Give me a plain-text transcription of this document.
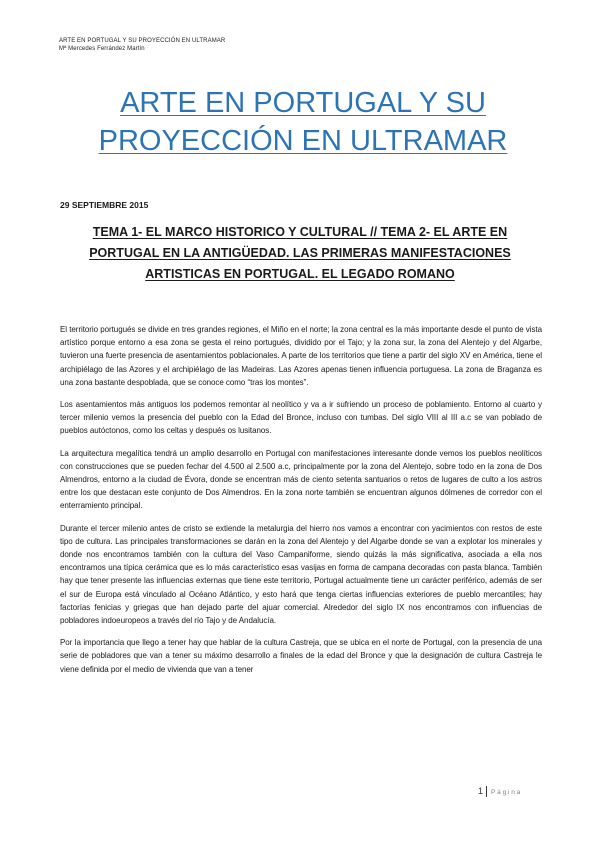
ARTE EN PORTUGAL Y SU PROYECCIÓN EN ULTRAMAR
Mª Mercedes Ferrández Martín
ARTE EN PORTUGAL Y SU PROYECCIÓN EN ULTRAMAR
29 SEPTIEMBRE 2015
TEMA 1- EL MARCO HISTORICO Y CULTURAL // TEMA 2- EL ARTE EN PORTUGAL EN LA ANTIGÜEDAD. LAS PRIMERAS MANIFESTACIONES ARTISTICAS EN PORTUGAL. EL LEGADO ROMANO

El territorio portugués se divide en tres grandes regiones, el Miño en el norte; la zona central es la más importante desde el punto de vista artístico porque entorno a esa zona se gesta el reino portugués, dividido por el Tajo; y la zona sur, la zona del Alentejo y del Algarbe, tuvieron una fuerte presencia de asentamientos poblacionales. A parte de los territorios que tiene a partir del siglo XV en América, tiene el archipiélago de las Azores y el archipiélago de las Madeiras. Las Azores apenas tienen influencia portuguesa. La zona de Braganza es una zona bastante despoblada, que se conoce como “tras los montes”.

Los asentamientos más antiguos los podemos remontar al neolítico y va a ir sufriendo un proceso de poblamiento. Entorno al cuarto y tercer milenio vemos la presencia del pueblo con la Edad del Bronce, incluso con tumbas. Del siglo VIII al III a.c se van poblado de pueblos autóctonos, como los celtas y después os lusitanos.

La arquitectura megalítica tendrá un amplio desarrollo en Portugal con manifestaciones interesante donde vemos los pueblos neolíticos con construcciones que se pueden fechar del 4.500 al 2.500 a.c, principalmente por la zona del Alentejo, sobre todo en la zona de Dos Almendros, entorno a la ciudad de Évora, donde se encentran más de ciento setenta santuarios o retos de lugares de culto a los astros entre los que destacan este conjunto de Dos Almendros. En la zona norte también se encuentran algunos dólmenes de corredor con el enterramiento principal.

Durante el tercer milenio antes de cristo se extiende la metalurgia del hierro nos vamos a encontrar con yacimientos con restos de este tipo de cultura. Las principales transformaciones se darán en la zona del Alentejo y del Algarbe donde se van a explotar los minerales y donde nos encontramos también con la cultura del Vaso Campaniforme, siendo quizás la más significativa, asociada a ella nos encontramos una típica cerámica que es lo más característico esas vasijas en forma de campana decoradas con pasta blanca. También hay que tener presente las influencias externas que tiene este territorio, Portugal actualmente tiene un carácter periférico, además de ser el sur de Europa está vinculado al Océano Atlántico, y esto hará que tenga ciertas influencias exteriores de pueblo mercantiles; hay factorías fenicias y griegas que han dejado parte del ajuar comercial. Alrededor del siglo IX nos encontramos con influencias de pobladores indoeuropeos a través del río Tajo y de Andalucía.

Por la importancia que llego a tener hay que hablar de la cultura Castreja, que se ubica en el norte de Portugal, con la presencia de una serie de pobladores que van a tener su máximo desarrollo a finales de la edad del Bronce y que la designación de cultura Castreja le viene definida por el medio de vivienda que van a tener

1 Página
